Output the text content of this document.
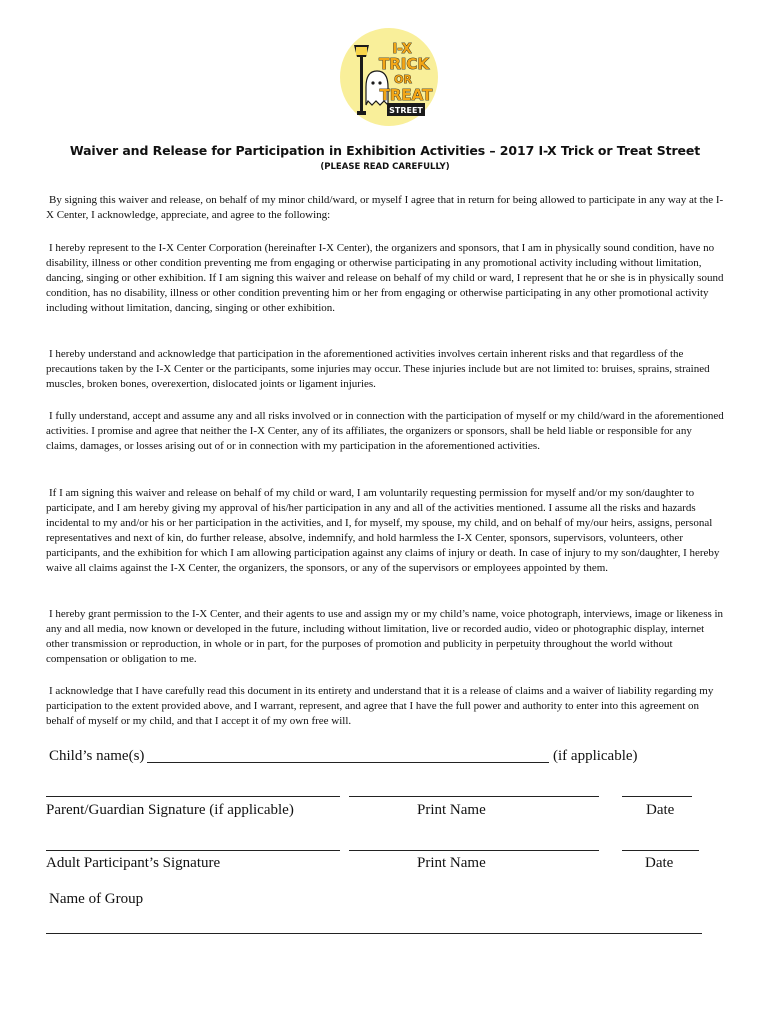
I-X
TRICK
OR
TREAT
STREET
Waiver and Release for Participation in Exhibition Activities – 2017 I-X Trick or Treat Street
(PLEASE READ CAREFULLY)

By signing this waiver and release, on behalf of my minor child/ward, or myself I agree that in return for being allowed to participate in any way at the I-X Center, I acknowledge, appreciate, and agree to the following:

I hereby represent to the I-X Center Corporation (hereinafter I-X Center), the organizers and sponsors, that I am in physically sound condition, have no disability, illness or other condition preventing me from engaging or otherwise participating in any promotional activity including without limitation, dancing, singing or other exhibition. If I am signing this waiver and release on behalf of my child or ward, I represent that he or she is in physically sound condition, has no disability, illness or other condition preventing him or her from engaging or otherwise participating in any other promotional activity including without limitation, dancing, singing or other exhibition.

I hereby understand and acknowledge that participation in the aforementioned activities involves certain inherent risks and that regardless of the precautions taken by the I-X Center or the participants, some injuries may occur. These injuries include but are not limited to: bruises, sprains, strained muscles, broken bones, overexertion, dislocated joints or ligament injuries.

I fully understand, accept and assume any and all risks involved or in connection with the participation of myself or my child/ward in the aforementioned activities. I promise and agree that neither the I-X Center, any of its affiliates, the organizers or sponsors, shall be held liable or responsible for any claims, damages, or losses arising out of or in connection with my participation in the aforementioned activities.

If I am signing this waiver and release on behalf of my child or ward, I am voluntarily requesting permission for myself and/or my son/daughter to participate, and I am hereby giving my approval of his/her participation in any and all of the activities mentioned. I assume all the risks and hazards incidental to my and/or his or her participation in the activities, and I, for myself, my spouse, my child, and on behalf of my/our heirs, assigns, personal representatives and next of kin, do further release, absolve, indemnify, and hold harmless the I-X Center, sponsors, supervisors, volunteers, other participants, and the exhibition for which I am allowing participation against any claims of injury or death. In case of injury to my son/daughter, I hereby waive all claims against the I-X Center, the organizers, the sponsors, or any of the supervisors or employees appointed by them.

I hereby grant permission to the I-X Center, and their agents to use and assign my or my child’s name, voice photograph, interviews, image or likeness in any and all media, now known or developed in the future, including without limitation, live or recorded audio, video or photographic display, internet other transmission or reproduction, in whole or in part, for the purposes of promotion and publicity in perpetuity throughout the world without compensation or obligation to me.

I acknowledge that I have carefully read this document in its entirety and understand that it is a release of claims and a waiver of liability regarding my participation to the extent provided above, and I warrant, represent, and agree that I have the full power and authority to enter into this agreement on behalf of myself or my child, and that I accept it of my own free will.

Child’s name(s)	(if applicable)
Parent/Guardian Signature (if applicable)	Print Name	Date
Adult Participant’s Signature	Print Name	Date
Name of Group
